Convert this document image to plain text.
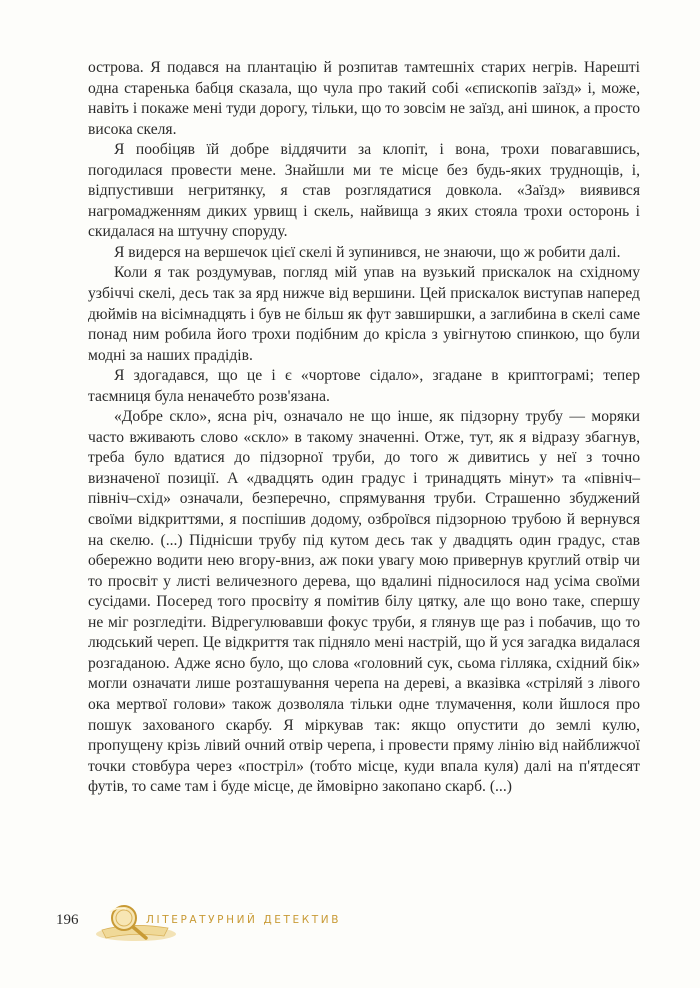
острова. Я подався на плантацію й розпитав тамтешніх старих негрів. Нарешті одна старенька бабця сказала, що чула про такий собі «єпископів заїзд» і, може, навіть і покаже мені туди дорогу, тільки, що то зовсім не заїзд, ані шинок, а просто висока скеля.

Я пообіцяв їй добре віддячити за клопіт, і вона, трохи повагавшись, погодилася провести мене. Знайшли ми те місце без будь-яких труднощів, і, відпустивши негритянку, я став розглядатися довкола. «Заїзд» виявився нагромадженням диких урвищ і скель, найвища з яких стояла трохи осторонь і скидалася на штучну споруду.

Я видерся на вершечок цієї скелі й зупинився, не знаючи, що ж робити далі.

Коли я так роздумував, погляд мій упав на вузький прискалок на східному узбіччі скелі, десь так за ярд нижче від вершини. Цей прискалок виступав наперед дюймів на вісімнадцять і був не більш як фут завширшки, а заглибина в скелі саме понад ним робила його трохи подібним до крісла з увігнутою спинкою, що були модні за наших прадідів.

Я здогадався, що це і є «чортове сідало», згадане в криптограмі; тепер таємниця була неначебто розв'язана.

«Добре скло», ясна річ, означало не що інше, як підзорну трубу — моряки часто вживають слово «скло» в такому значенні. Отже, тут, як я відразу збагнув, треба було вдатися до підзорної труби, до того ж дивитись у неї з точно визначеної позиції. А «двадцять один градус і тринадцять мінут» та «північ–північ–схід» означали, безперечно, спрямування труби. Страшенно збуджений своїми відкриттями, я поспішив додому, озброївся підзорною трубою й вернувся на скелю. (...) Піднісши трубу під кутом десь так у двадцять один градус, став обережно водити нею вгору-вниз, аж поки увагу мою привернув круглий отвір чи то просвіт у листі величезного дерева, що вдалині підносилося над усіма своїми сусідами. Посеред того просвіту я помітив білу цятку, але що воно таке, спершу не міг розгледіти. Відрегулювавши фокус труби, я глянув ще раз і побачив, що то людський череп. Це відкриття так підняло мені настрій, що й уся загадка видалася розгаданою. Адже ясно було, що слова «головний сук, сьома гілляка, східний бік» могли означати лише розташування черепа на дереві, а вказівка «стріляй з лівого ока мертвої голови» також дозволяла тільки одне тлумачення, коли йшлося про пошук захованого скарбу. Я міркував так: якщо опустити до землі кулю, пропущену крізь лівий очний отвір черепа, і провести пряму лінію від найближчої точки стовбура через «постріл» (тобто місце, куди впала куля) далі на п'ятдесят футів, то саме там і буде місце, де ймовірно закопано скарб. (...)

196	ЛІТЕРАТУРНИЙ ДЕТЕКТИВ
